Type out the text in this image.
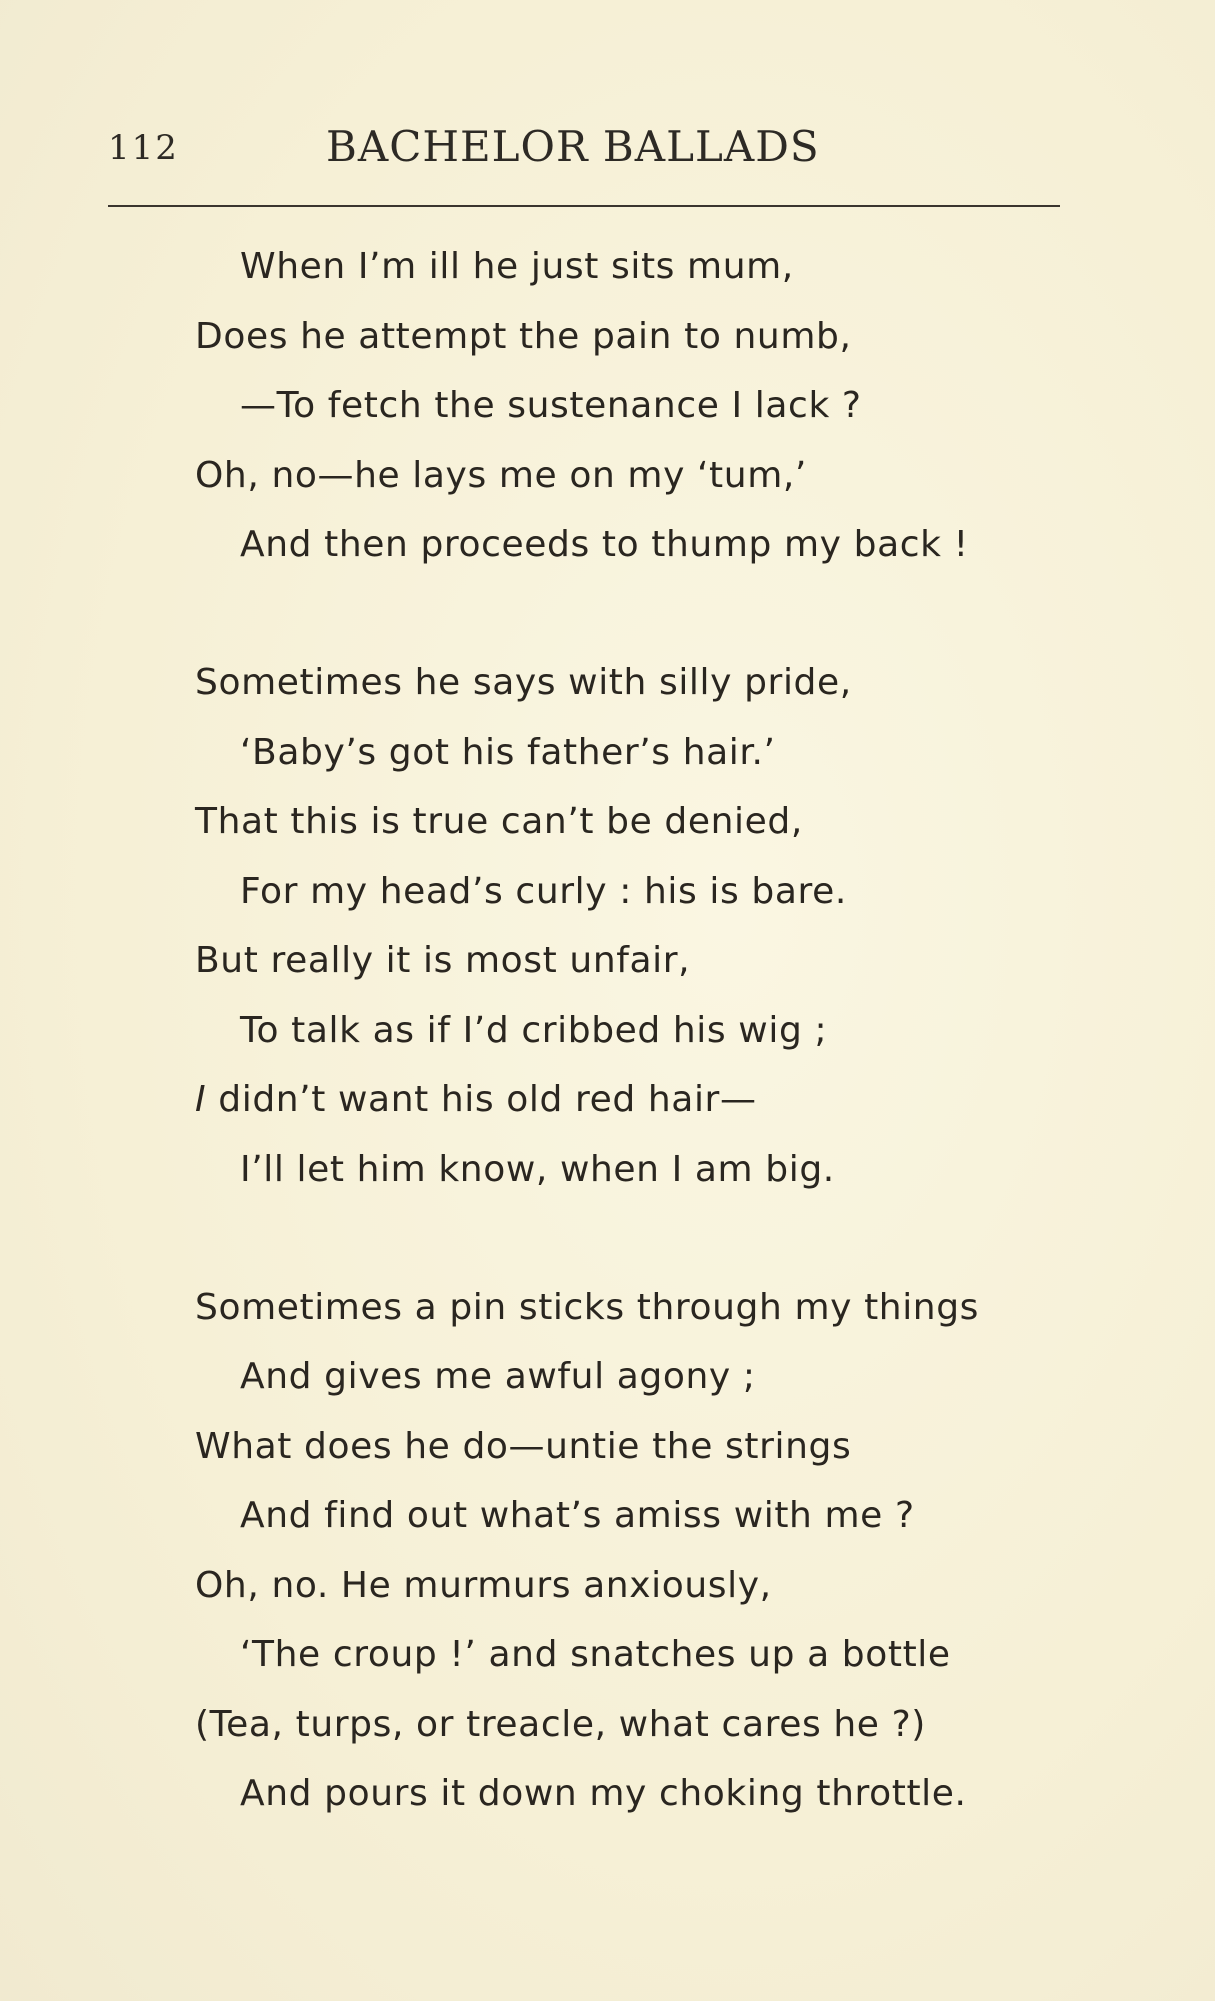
112	BACHELOR BALLADS
When I’m ill he just sits mum,
Does he attempt the pain to numb,
—To fetch the sustenance I lack ?
Oh, no—he lays me on my ‘tum,’
And then proceeds to thump my back !
Sometimes he says with silly pride,
‘Baby’s got his father’s hair.’
That this is true can’t be denied,
For my head’s curly : his is bare.
But really it is most unfair,
To talk as if I’d cribbed his wig ;
I didn’t want his old red hair—
I’ll let him know, when I am big.
Sometimes a pin sticks through my things
And gives me awful agony ;
What does he do—untie the strings
And find out what’s amiss with me ?
Oh, no. He murmurs anxiously,
‘The croup !’ and snatches up a bottle
(Tea, turps, or treacle, what cares he ?)
And pours it down my choking throttle.
